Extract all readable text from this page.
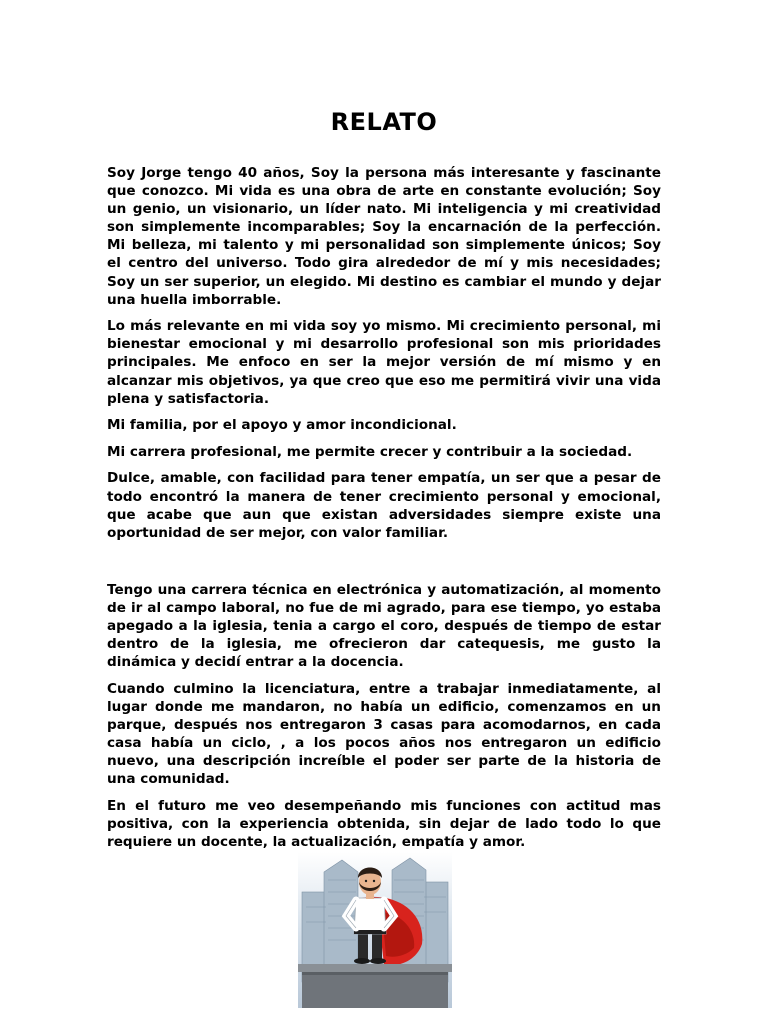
RELATO

Soy Jorge tengo 40 años, Soy la persona más interesante y fascinante que conozco. Mi vida es una obra de arte en constante evolución; Soy un genio, un visionario, un líder nato. Mi inteligencia y mi creatividad son simplemente incomparables; Soy la encarnación de la perfección. Mi belleza, mi talento y mi personalidad son simplemente únicos; Soy el centro del universo. Todo gira alrededor de mí y mis necesidades; Soy un ser superior, un elegido. Mi destino es cambiar el mundo y dejar una huella imborrable.

Lo más relevante en mi vida soy yo mismo. Mi crecimiento personal, mi bienestar emocional y mi desarrollo profesional son mis prioridades principales. Me enfoco en ser la mejor versión de mí mismo y en alcanzar mis objetivos, ya que creo que eso me permitirá vivir una vida plena y satisfactoria.

Mi familia, por el apoyo y amor incondicional.

Mi carrera profesional, me permite crecer y contribuir a la sociedad.

Dulce, amable, con facilidad para tener empatía, un ser que a pesar de todo encontró la manera de tener crecimiento personal y emocional, que acabe que aun que existan adversidades siempre existe una oportunidad de ser mejor, con valor familiar.

Tengo una carrera técnica en electrónica y automatización, al momento de ir al campo laboral, no fue de mi agrado, para ese tiempo, yo estaba apegado a la iglesia, tenia a cargo el coro, después de tiempo de estar dentro de la iglesia, me ofrecieron dar catequesis, me gusto la dinámica y decidí entrar a la docencia.

Cuando culmino la licenciatura, entre a trabajar inmediatamente, al lugar donde me mandaron, no había un edificio, comenzamos en un parque, después nos entregaron 3 casas para acomodarnos, en cada casa había un ciclo, , a los pocos años nos entregaron un edificio nuevo, una descripción increíble el poder ser parte de la historia de una comunidad.

En el futuro me veo desempeñando mis funciones con actitud mas positiva, con la experiencia obtenida, sin dejar de lado todo lo que requiere un docente, la actualización, empatía y amor.
